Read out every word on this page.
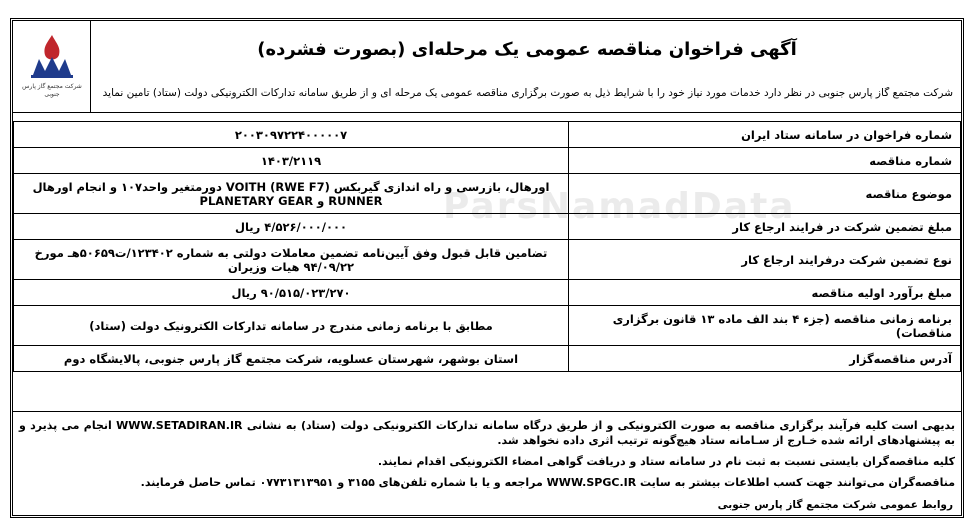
شرکت مجتمع گاز پارس جنوبی
آگهی فراخوان مناقصه عمومی یک مرحله‌ای (بصورت فشرده)
شرکت مجتمع گاز پارس جنوبی در نظر دارد خدمات مورد نیاز خود را با شرایط ذیل به صورت برگزاری مناقصه عمومی یک مرحله ای و از طریق سامانه تدارکات الکترونیکی دولت (ستاد) تامین نماید
ParsNamadData
شماره فراخوان در سامانه ستاد ایران	۲۰۰۳۰۹۷۲۲۴۰۰۰۰۰۷
شماره مناقصه	۱۴۰۳/۲۱۱۹
موضوع مناقصه	اورهال، بازرسی و راه اندازی گیربکس VOITH (RWE F7) دورمتغیر واحد۱۰۷ و انجام اورهال RUNNER و PLANETARY GEAR
مبلغ تضمین شرکت در فرایند ارجاع کار	۴/۵۲۶/۰۰۰/۰۰۰ ریال
نوع تضمین شرکت درفرایند ارجاع کار	تضامین قابل قبول وفق آیین‌نامه تضمین معاملات دولتی به شماره ۱۲۳۴۰۲/ت۵۰۶۵۹هـ مورخ ۹۴/۰۹/۲۲ هیات وزیران
مبلغ برآورد اولیه مناقصه	۹۰/۵۱۵/۰۲۳/۲۷۰ ریال
برنامه زمانی مناقصه (جزء ۴ بند الف ماده ۱۳ قانون برگزاری مناقصات)	مطابق با برنامه زمانی مندرج در سامانه تدارکات الکترونیک دولت (ستاد)
آدرس مناقصه‌گزار	استان بوشهر، شهرستان عسلویه، شرکت مجتمع گاز پارس جنوبی، پالایشگاه دوم

بدیهی است کلیه فرآیند برگزاری مناقصه به صورت الکترونیکی و از طریق درگاه سامانه تدارکات الکترونیکی دولت (ستاد) به نشانی WWW.SETADIRAN.IR انجام می پذیرد و به پیشنهادهای ارائه شده خـارج از سـامانه ستاد هیچ‌گونه ترتیب اثری داده نخواهد شد.

کلیه مناقصه‌گران بایستی نسبت به ثبت نام در سامانه ستاد و دریافت گواهی امضاء الکترونیکی اقدام نمایند.

مناقصه‌گران می‌توانند جهت کسب اطلاعات بیشتر به سایت WWW.SPGC.IR مراجعه و یا با شماره تلفن‌های ۳۱۵۵ و ۰۷۷۳۱۳۱۳۹۵۱ تماس حاصل فرمایند.

روابط عمومی شرکت مجتمع گاز پارس جنوبی
